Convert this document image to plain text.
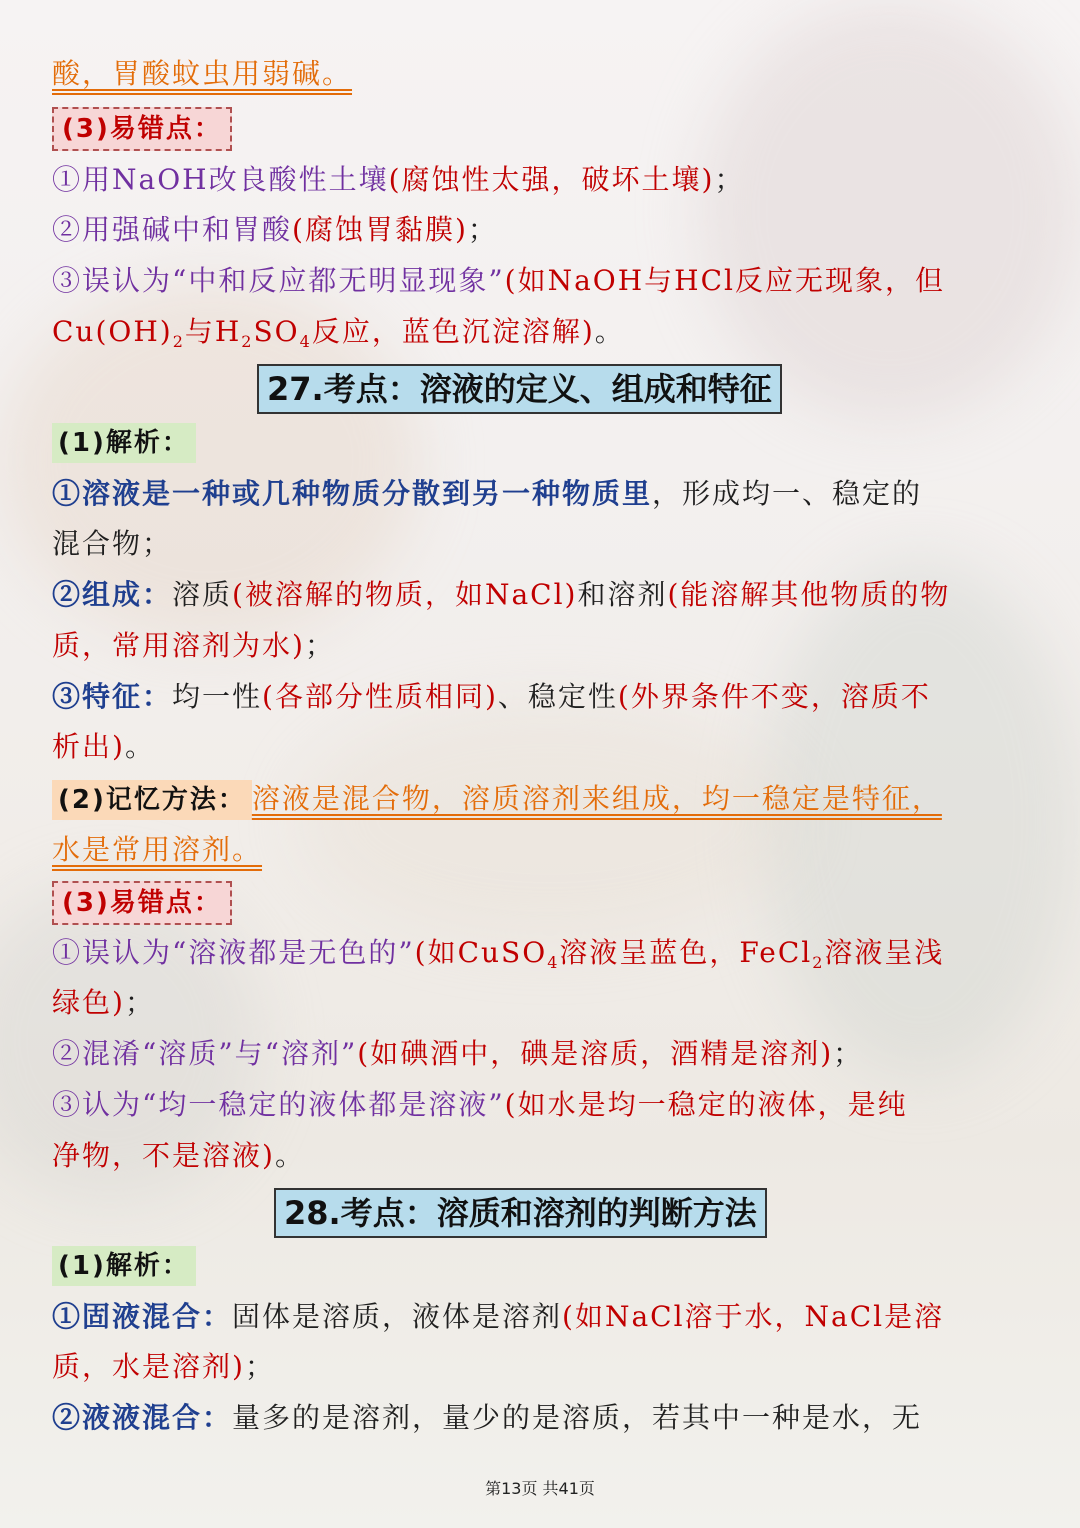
酸，胃酸蚊虫用弱碱。
(3)易错点：
①用NaOH改良酸性土壤(腐蚀性太强，破坏土壤)；
②用强碱中和胃酸(腐蚀胃黏膜)；
③误认为“中和反应都无明显现象”(如NaOH与HCl反应无现象，但
$Cu(OH)_2$与$H_2SO_4$反应，蓝色沉淀溶解)。
27.考点：溶液的定义、组成和特征
(1)解析：
①溶液是一种或几种物质分散到另一种物质里，形成均一、稳定的
混合物；
②组成：溶质(被溶解的物质，如NaCl)和溶剂(能溶解其他物质的物
质，常用溶剂为水)；
③特征：均一性(各部分性质相同)、稳定性(外界条件不变，溶质不
析出)。
(2)记忆方法： 溶液是混合物，溶质溶剂来组成，均一稳定是特征，
水是常用溶剂。
(3)易错点：
①误认为“溶液都是无色的”(如CuSO$_4$溶液呈蓝色，FeCl$_2$溶液呈浅
绿色)；
②混淆“溶质”与“溶剂”(如碘酒中，碘是溶质，酒精是溶剂)；
③认为“均一稳定的液体都是溶液”(如水是均一稳定的液体，是纯
净物，不是溶液)。
28.考点：溶质和溶剂的判断方法
(1)解析：
①固液混合：固体是溶质，液体是溶剂(如NaCl溶于水，NaCl是溶
质，水是溶剂)；
②液液混合：量多的是溶剂，量少的是溶质，若其中一种是水，无
第13页 共41页
